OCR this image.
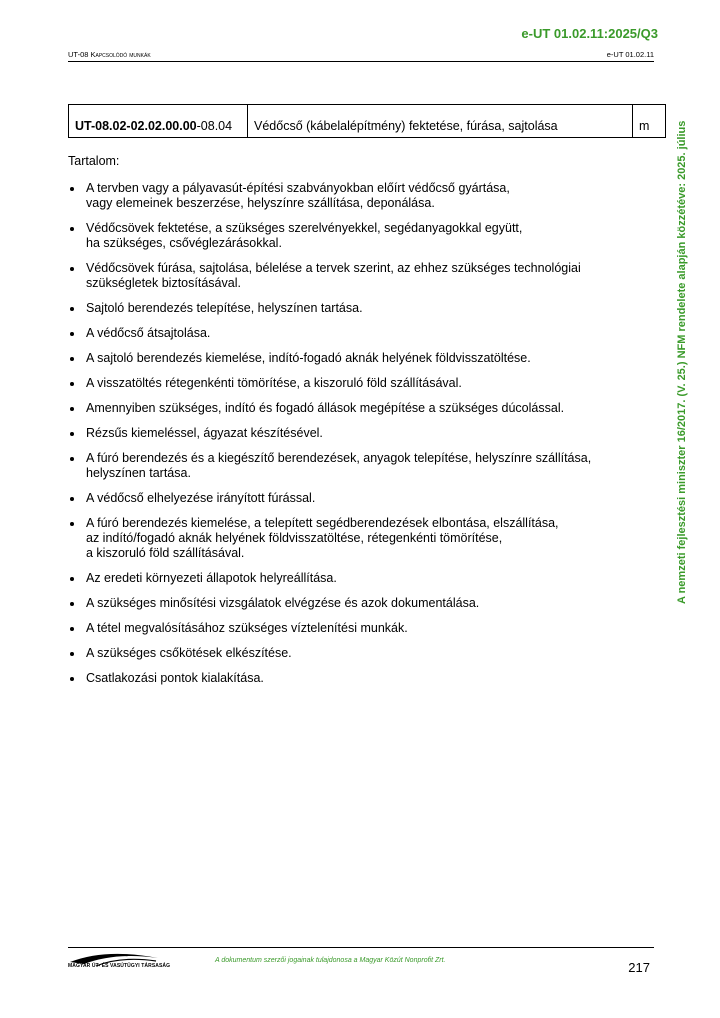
e-UT 01.02.11:2025/Q3
UT-08 Kapcsolódó munkák	e-UT 01.02.11
A nemzeti fejlesztési miniszter 16/2017. (V. 25.) NFM rendelete alapján közzétéve: 2025. július
UT-08.02-02.02.00.00-08.04	Védőcső (kábelalépítmény) fektetése, fúrása, sajtolása	m

Tartalom:

A tervben vagy a pályavasút-építési szabványokban előírt védőcső gyártása,
vagy elemeinek beszerzése, helyszínre szállítása, deponálása.
Védőcsövek fektetése, a szükséges szerelvényekkel, segédanyagokkal együtt,
ha szükséges, csővéglezárásokkal.
Védőcsövek fúrása, sajtolása, bélelése a tervek szerint, az ehhez szükséges technológiai
szükségletek biztosításával.
Sajtoló berendezés telepítése, helyszínen tartása.
A védőcső átsajtolása.
A sajtoló berendezés kiemelése, indító-fogadó aknák helyének földvisszatöltése.
A visszatöltés rétegenkénti tömörítése, a kiszoruló föld szállításával.
Amennyiben szükséges, indító és fogadó állások megépítése a szükséges dúcolással.
Rézsűs kiemeléssel, ágyazat készítésével.
A fúró berendezés és a kiegészítő berendezések, anyagok telepítése, helyszínre szállítása,
helyszínen tartása.
A védőcső elhelyezése irányított fúrással.
A fúró berendezés kiemelése, a telepített segédberendezések elbontása, elszállítása,
az indító/fogadó aknák helyének földvisszatöltése, rétegenkénti tömörítése,
a kiszoruló föld szállításával.
Az eredeti környezeti állapotok helyreállítása.
A szükséges minősítési vizsgálatok elvégzése és azok dokumentálása.
A tétel megvalósításához szükséges víztelenítési munkák.
A szükséges csőkötések elkészítése.
Csatlakozási pontok kialakítása.
MAGYAR ÚT- ÉS VASÚTÜGYI TÁRSASÁG
A dokumentum szerzői jogainak tulajdonosa a Magyar Közút Nonprofit Zrt.	217
